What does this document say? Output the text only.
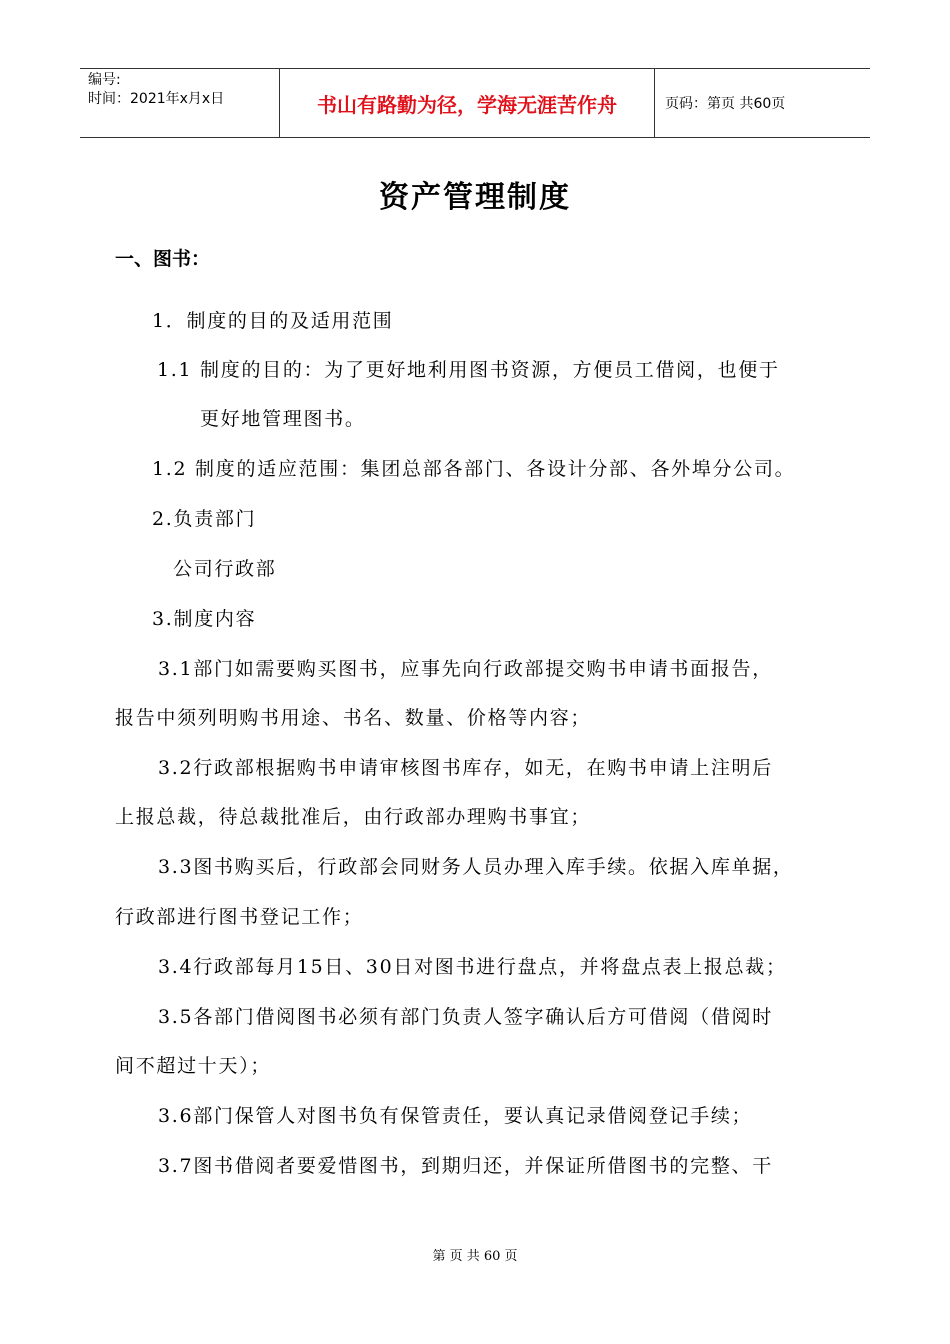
编号:
时间：2021年x月x日	书山有路勤为径，学海无涯苦作舟	页码：第页 共60页
资产管理制度
一、图书：
1．制度的目的及适用范围
1.1 制度的目的：为了更好地利用图书资源，方便员工借阅，也便于
更好地管理图书。
1.2 制度的适应范围：集团总部各部门、各设计分部、各外埠分公司。
2.负责部门
公司行政部
3.制度内容
3.1部门如需要购买图书，应事先向行政部提交购书申请书面报告，
报告中须列明购书用途、书名、数量、价格等内容；
3.2行政部根据购书申请审核图书库存，如无，在购书申请上注明后
上报总裁，待总裁批准后，由行政部办理购书事宜；
3.3图书购买后，行政部会同财务人员办理入库手续。依据入库单据，
行政部进行图书登记工作；
3.4行政部每月15日、30日对图书进行盘点，并将盘点表上报总裁；
3.5各部门借阅图书必须有部门负责人签字确认后方可借阅（借阅时
间不超过十天）；
3.6部门保管人对图书负有保管责任，要认真记录借阅登记手续；
3.7图书借阅者要爱惜图书，到期归还，并保证所借图书的完整、干
第 页 共 60 页
